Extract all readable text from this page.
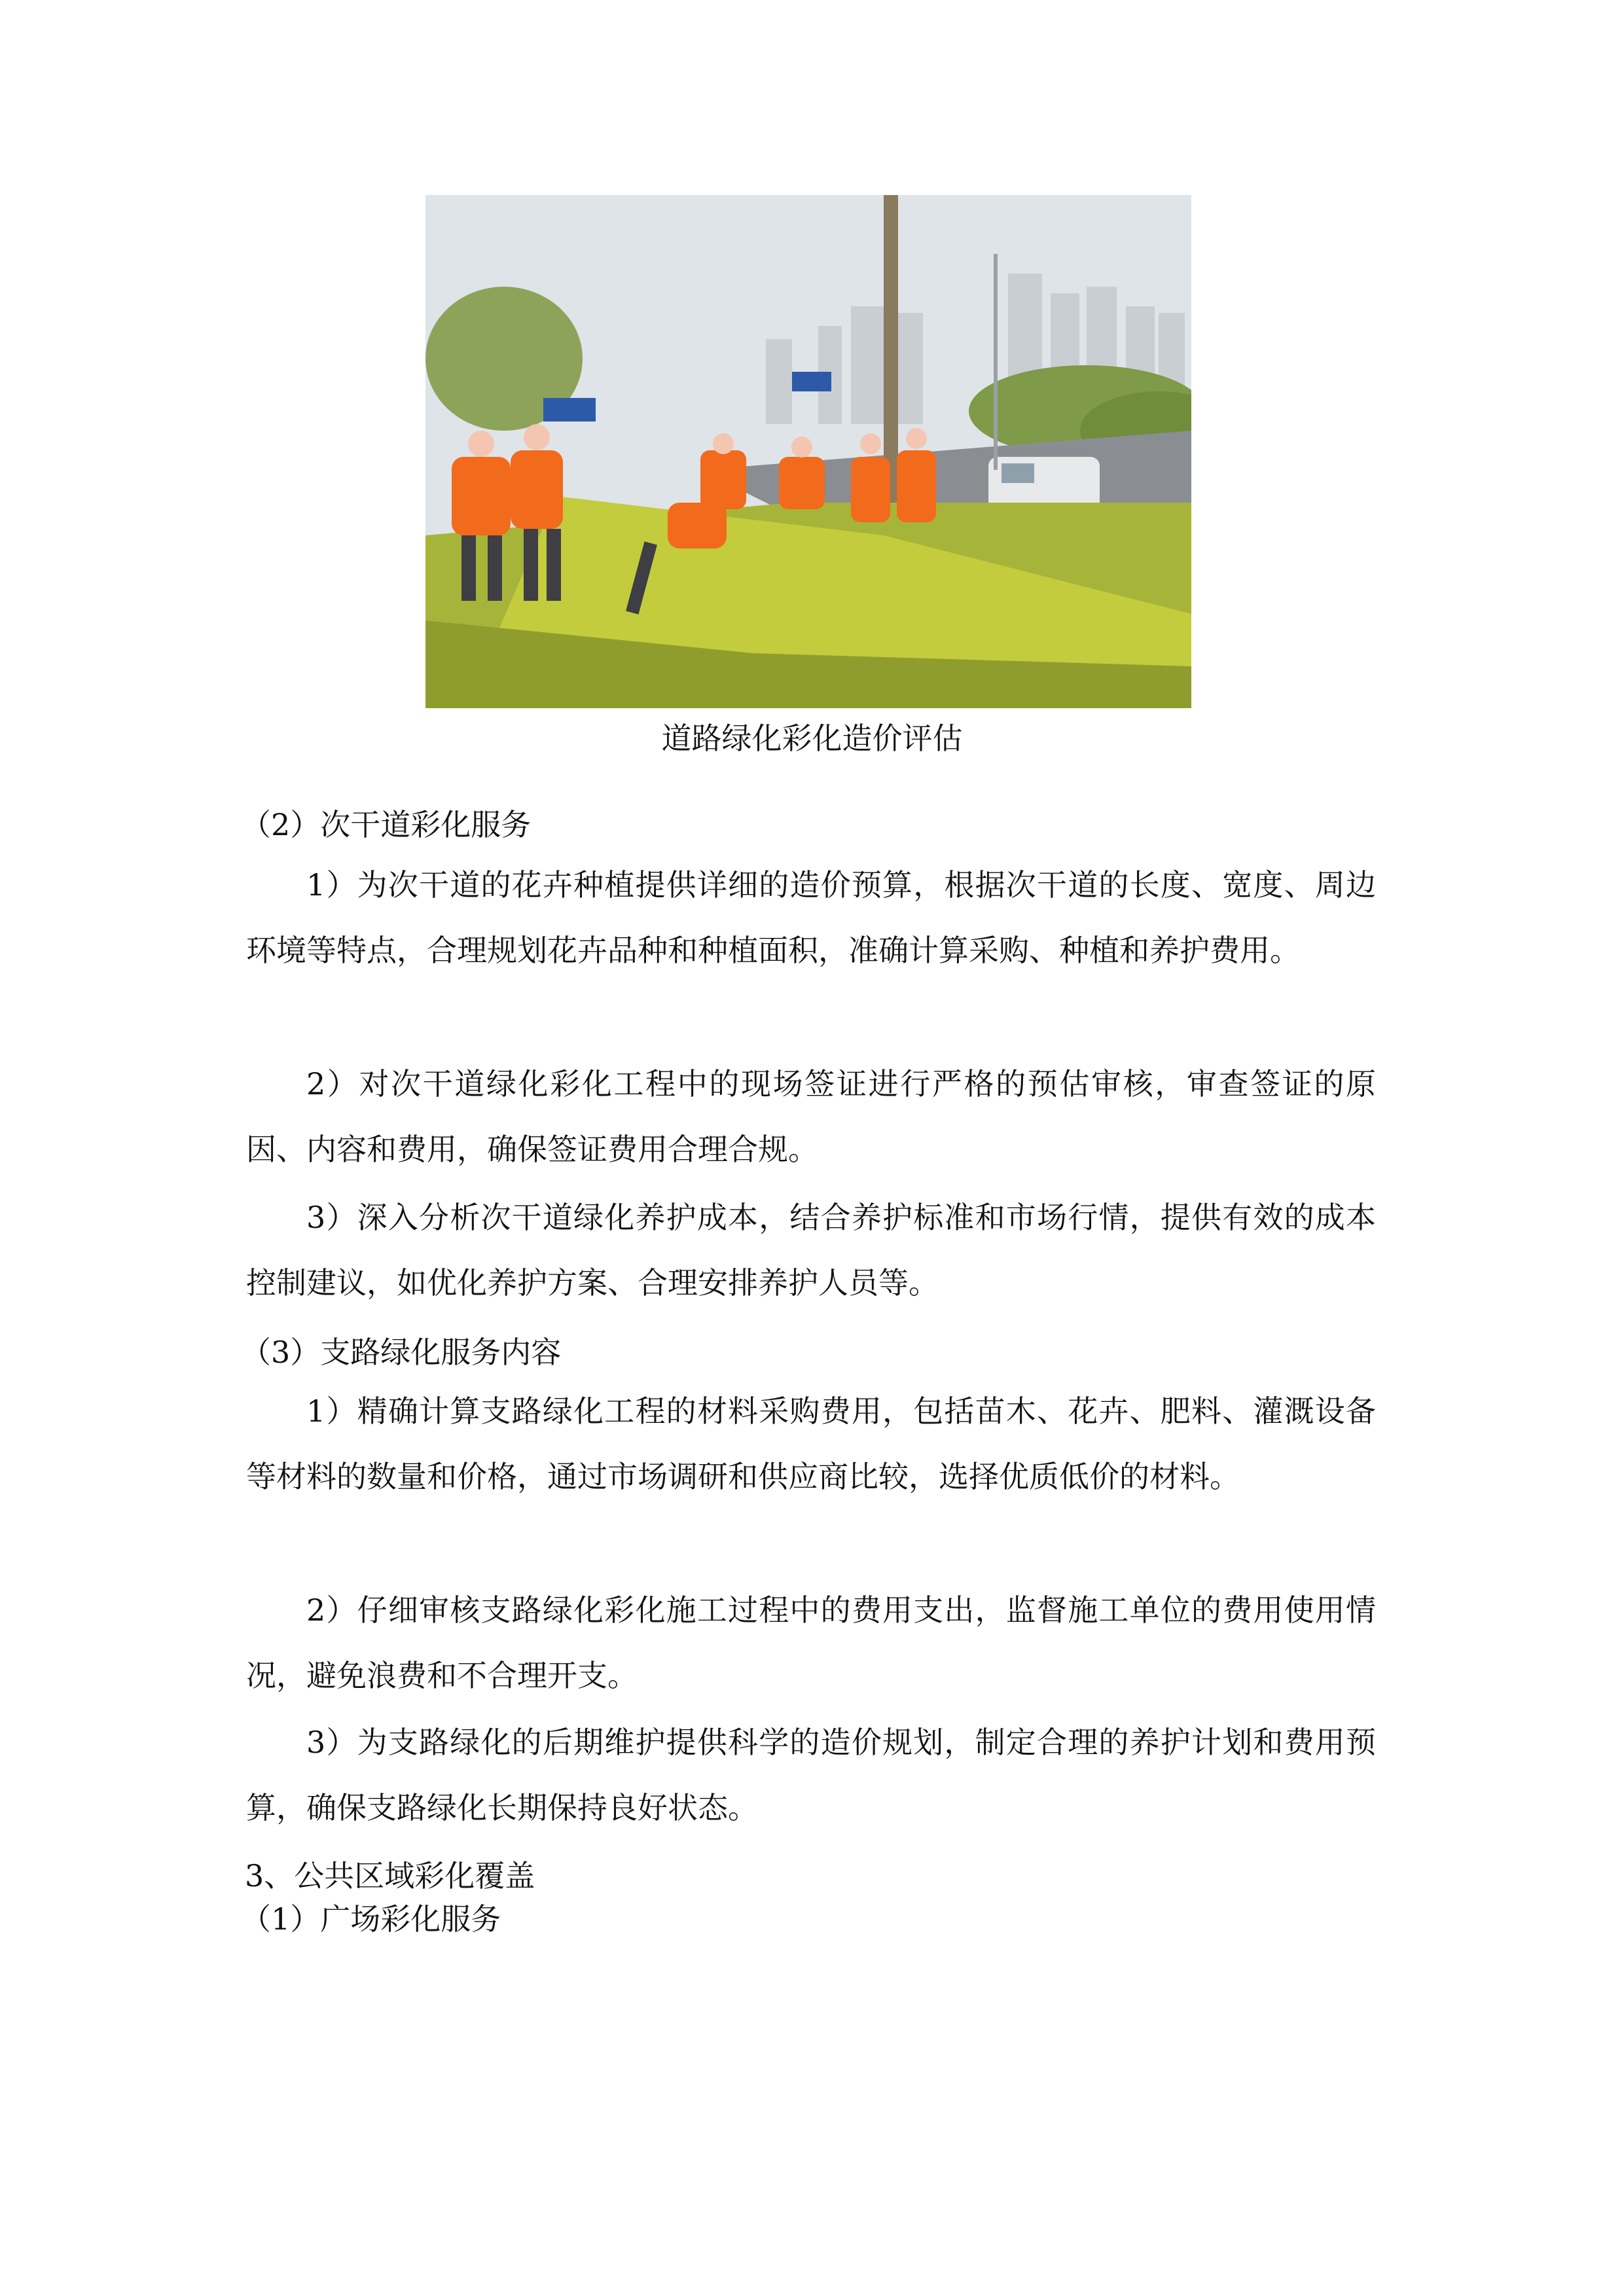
道路绿化彩化造价评估
（2）次干道彩化服务
1）为次干道的花卉种植提供详细的造价预算，根据次干道的长度、宽度、周边环境等特点，合理规划花卉品种和种植面积，准确计算采购、种植和养护费用。
2）对次干道绿化彩化工程中的现场签证进行严格的预估审核，审查签证的原因、内容和费用，确保签证费用合理合规。
3）深入分析次干道绿化养护成本，结合养护标准和市场行情，提供有效的成本控制建议，如优化养护方案、合理安排养护人员等。
（3）支路绿化服务内容
1）精确计算支路绿化工程的材料采购费用，包括苗木、花卉、肥料、灌溉设备等材料的数量和价格，通过市场调研和供应商比较，选择优质低价的材料。
2）仔细审核支路绿化彩化施工过程中的费用支出，监督施工单位的费用使用情况，避免浪费和不合理开支。
3）为支路绿化的后期维护提供科学的造价规划，制定合理的养护计划和费用预算，确保支路绿化长期保持良好状态。
3、公共区域彩化覆盖
（1）广场彩化服务
